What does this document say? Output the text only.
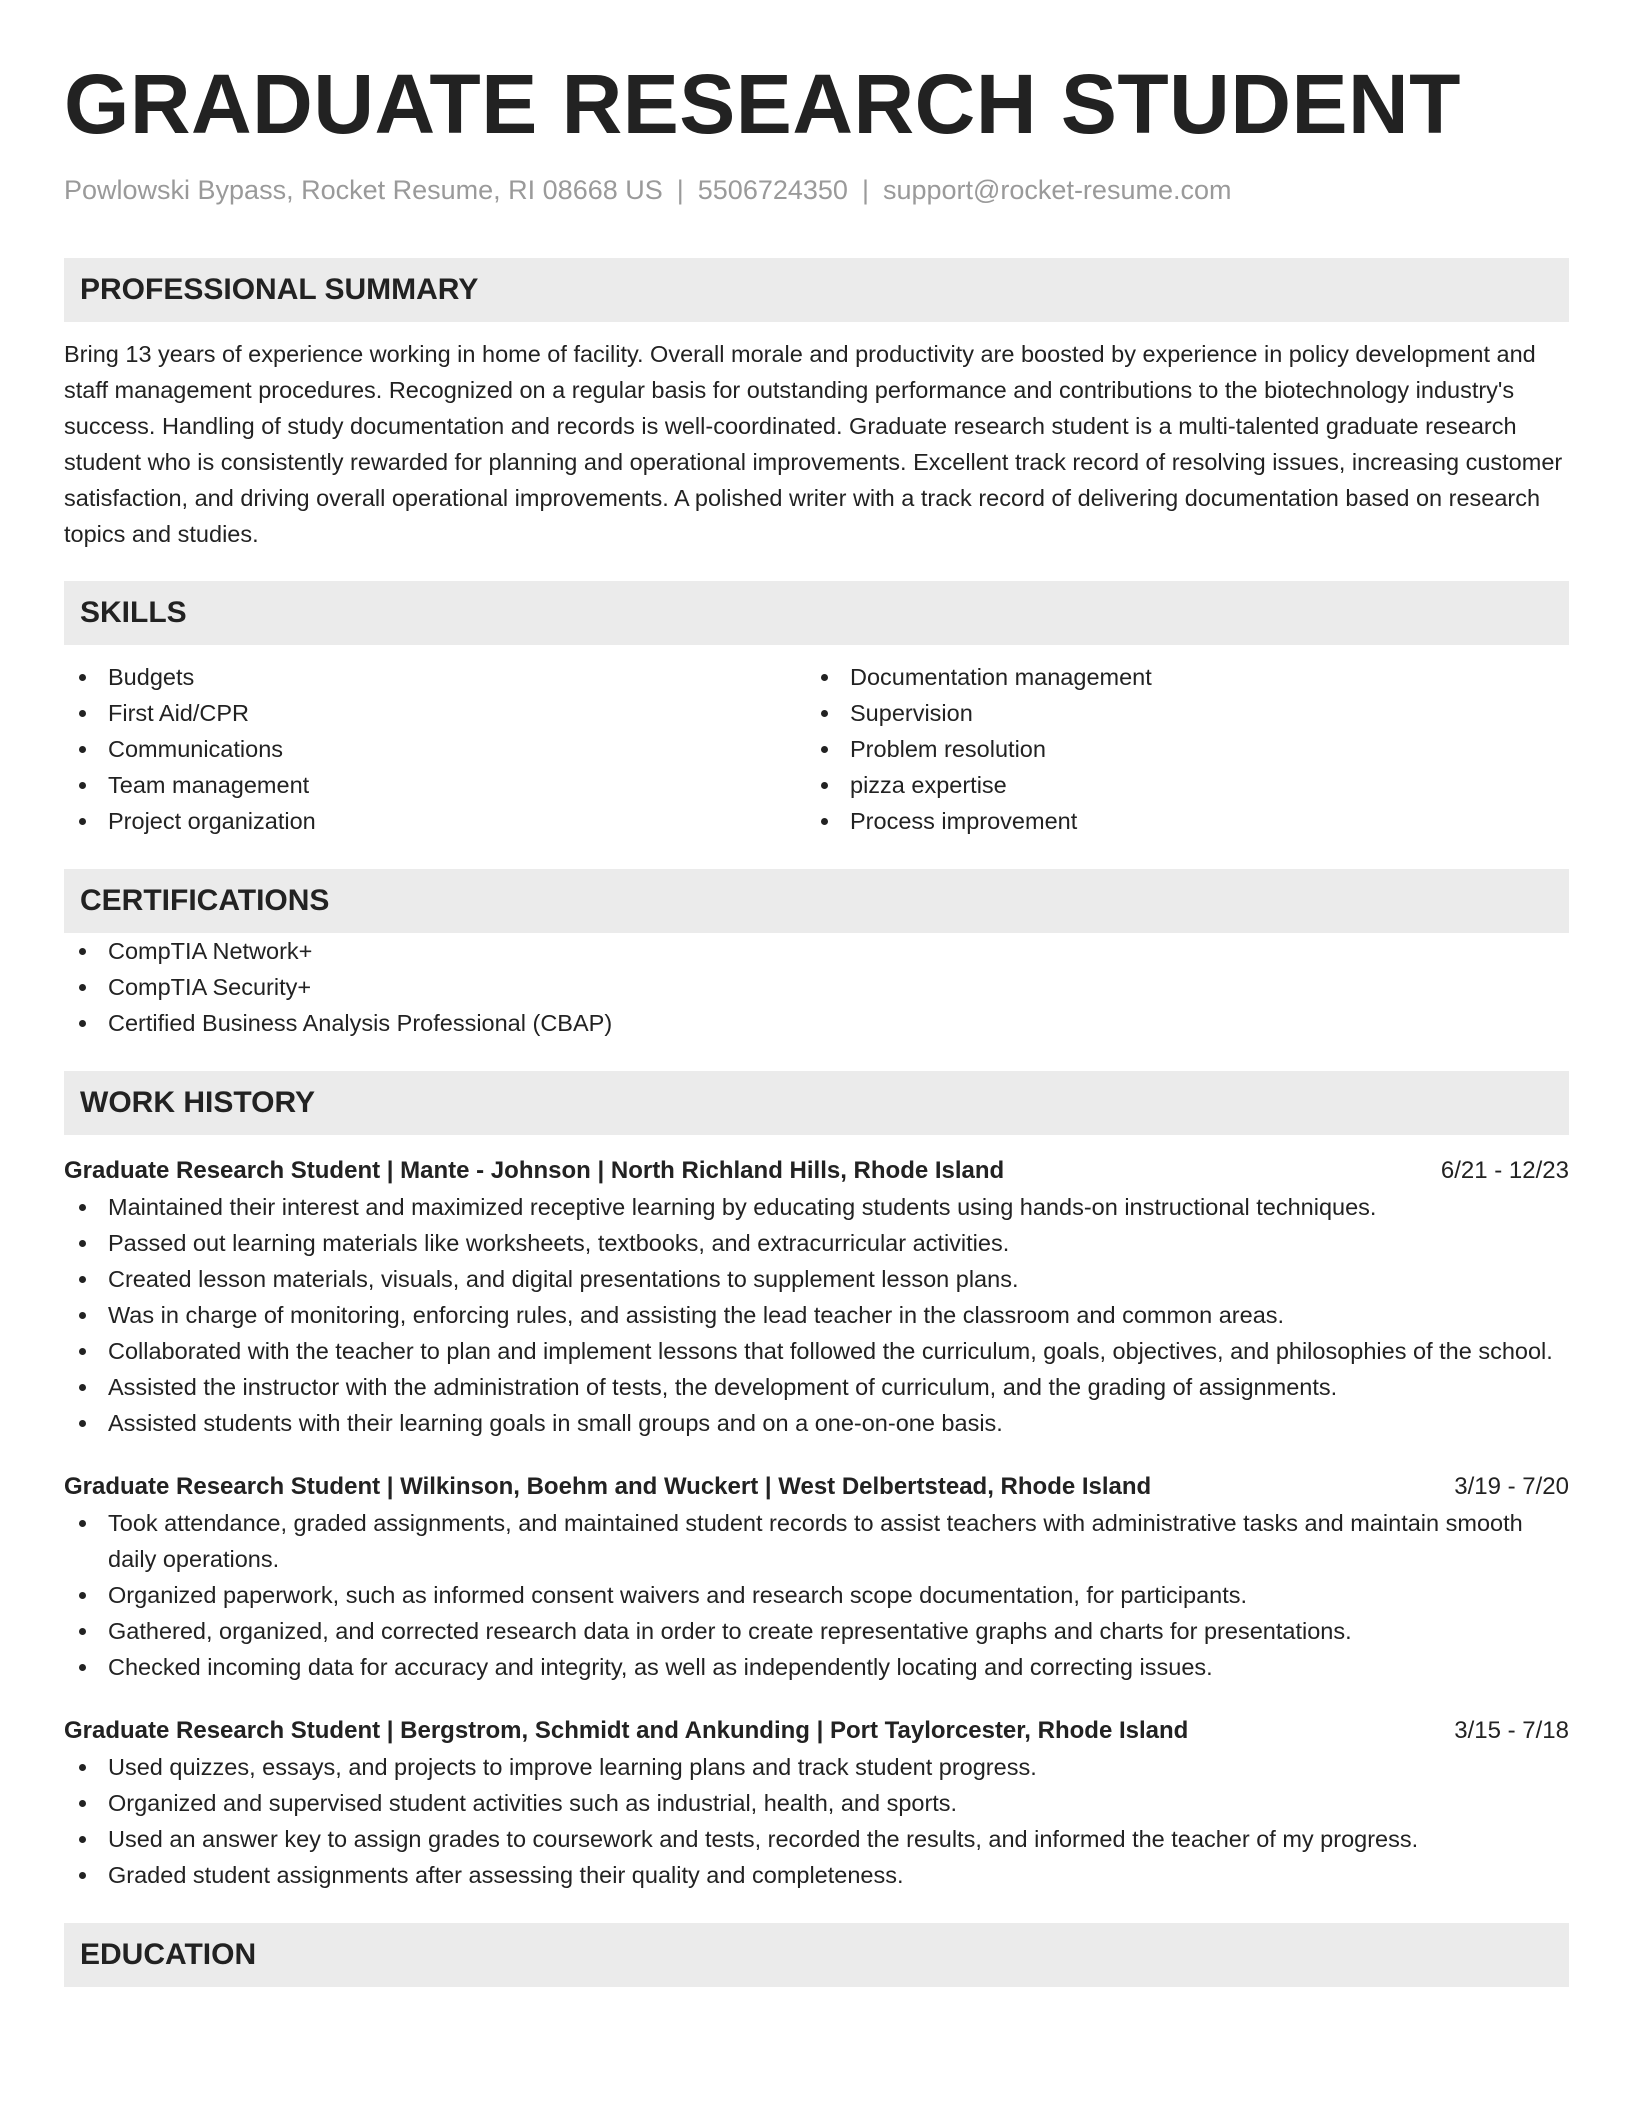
GRADUATE RESEARCH STUDENT
Powlowski Bypass, Rocket Resume, RI 08668 US | 5506724350 | support@rocket-resume.com
PROFESSIONAL SUMMARY

Bring 13 years of experience working in home of facility. Overall morale and productivity are boosted by experience in policy development and staff management procedures. Recognized on a regular basis for outstanding performance and contributions to the biotechnology industry's success. Handling of study documentation and records is well-coordinated. Graduate research student is a multi-talented graduate research student who is consistently rewarded for planning and operational improvements. Excellent track record of resolving issues, increasing customer satisfaction, and driving overall operational improvements. A polished writer with a track record of delivering documentation based on research topics and studies.

SKILLS
Budgets
First Aid/CPR
Communications
Team management
Project organization
Documentation management
Supervision
Problem resolution
pizza expertise
Process improvement
CERTIFICATIONS
CompTIA Network+
CompTIA Security+
Certified Business Analysis Professional (CBAP)
WORK HISTORY
Graduate Research Student | Mante - Johnson | North Richland Hills, Rhode Island	6/21 - 12/23
Maintained their interest and maximized receptive learning by educating students using hands-on instructional techniques.
Passed out learning materials like worksheets, textbooks, and extracurricular activities.
Created lesson materials, visuals, and digital presentations to supplement lesson plans.
Was in charge of monitoring, enforcing rules, and assisting the lead teacher in the classroom and common areas.
Collaborated with the teacher to plan and implement lessons that followed the curriculum, goals, objectives, and philosophies of the school.
Assisted the instructor with the administration of tests, the development of curriculum, and the grading of assignments.
Assisted students with their learning goals in small groups and on a one-on-one basis.
Graduate Research Student | Wilkinson, Boehm and Wuckert | West Delbertstead, Rhode Island	3/19 - 7/20
Took attendance, graded assignments, and maintained student records to assist teachers with administrative tasks and maintain smooth daily operations.
Organized paperwork, such as informed consent waivers and research scope documentation, for participants.
Gathered, organized, and corrected research data in order to create representative graphs and charts for presentations.
Checked incoming data for accuracy and integrity, as well as independently locating and correcting issues.
Graduate Research Student | Bergstrom, Schmidt and Ankunding | Port Taylorcester, Rhode Island	3/15 - 7/18
Used quizzes, essays, and projects to improve learning plans and track student progress.
Organized and supervised student activities such as industrial, health, and sports.
Used an answer key to assign grades to coursework and tests, recorded the results, and informed the teacher of my progress.
Graded student assignments after assessing their quality and completeness.
EDUCATION
